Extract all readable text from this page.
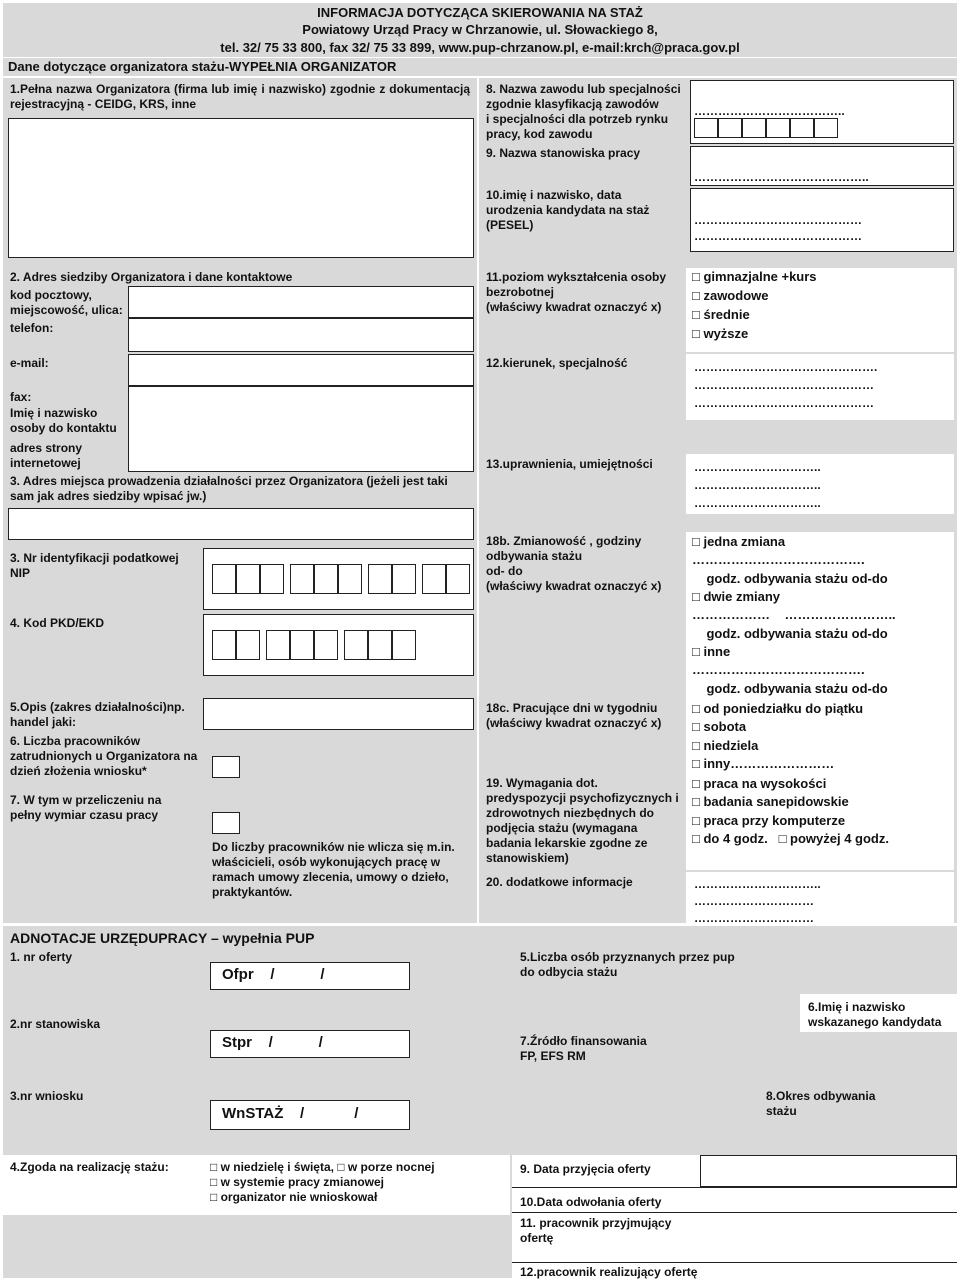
INFORMACJA DOTYCZĄCA SKIEROWANIA NA STAŻ
Powiatowy Urząd Pracy w Chrzanowie, ul. Słowackiego 8,
tel. 32/ 75 33 800, fax 32/ 75 33 899, www.pup-chrzanow.pl, e-mail:krch@praca.gov.pl
Dane dotyczące organizatora stażu-WYPEŁNIA ORGANIZATOR
1.Pełna nazwa Organizatora (firma lub imię i nazwisko) zgodnie z dokumentacją rejestracyjną - CEIDG, KRS, inne
2. Adres siedziby Organizatora i dane kontaktowe
kod pocztowy,
miejscowość, ulica:
telefon:
e-mail:
fax:
Imię i nazwisko
osoby do kontaktu
adres strony
internetowej
3. Adres miejsca prowadzenia działalności przez Organizatora (jeżeli jest taki sam jak adres siedziby wpisać jw.)
3. Nr identyfikacji podatkowej
NIP
4. Kod PKD/EKD
5.Opis (zakres działalności)np.
handel jaki:
6. Liczba pracowników
zatrudnionych u Organizatora na
dzień złożenia wniosku*
7. W tym w przeliczeniu na
pełny wymiar czasu pracy
Do liczby pracowników nie wlicza się m.in.
właścicieli, osób wykonujących pracę w
ramach umowy zlecenia, umowy o dzieło,
praktykantów.
8. Nazwa zawodu lub specjalności
zgodnie klasyfikacją zawodów
i specjalności dla potrzeb rynku
pracy, kod zawodu
………………………………..
9. Nazwa stanowiska pracy
……………………………………..
10.imię i nazwisko, data
urodzenia kandydata na staż
(PESEL)	……………………………………
……………………………………
11.poziom wykształcenia osoby
bezrobotnej
(właściwy kwadrat oznaczyć x)
□ gimnazjalne +kurs
□ zawodowe
□ średnie
□ wyższe
12.kierunek, specjalność	……………………………………….
………………………………………
………………………………………
13.uprawnienia, umiejętności	…………………………..
…………………………..
…………………………..
18b. Zmianowość , godziny
odbywania stażu
od- do
(właściwy kwadrat oznaczyć x)
□ jedna zmiana
………………………………….
godz. odbywania stażu od-do
□ dwie zmiany
………………    ……………………..
godz. odbywania stażu od-do
□ inne
………………………………….
godz. odbywania stażu od-do
18c. Pracujące dni w tygodniu
(właściwy kwadrat oznaczyć x)
□ od poniedziałku do piątku
□ sobota
□ niedziela
□ inny……………………
19. Wymagania dot.
predyspozycji psychofizycznych i
zdrowotnych niezbędnych do
podjęcia stażu (wymagana
badania lekarskie zgodne ze
stanowiskiem)
□ praca na wysokości
□ badania sanepidowskie
□ praca przy komputerze
□ do 4 godz.   □ powyżej 4 godz.
20. dodatkowe informacje	…………………………..
…………………………
…………………………
ADNOTACJE URZĘDUPRACY – wypełnia PUP
1. nr oferty
Ofpr    /           /
2.nr stanowiska
Stpr    /           /
3.nr wniosku
WnSTAŻ    /            /
4.Zgoda na realizację stażu:	□ w niedzielę i święta, □ w porze nocnej
□ w systemie pracy zmianowej
□ organizator nie wnioskował
5.Liczba osób przyznanych przez pup
do odbycia stażu
6.Imię i nazwisko
wskazanego kandydata
7.Źródło finansowania
FP, EFS RM
8.Okres odbywania
stażu
9. Data przyjęcia oferty
10.Data odwołania oferty
11. pracownik przyjmujący
ofertę
12.pracownik realizujący ofertę
